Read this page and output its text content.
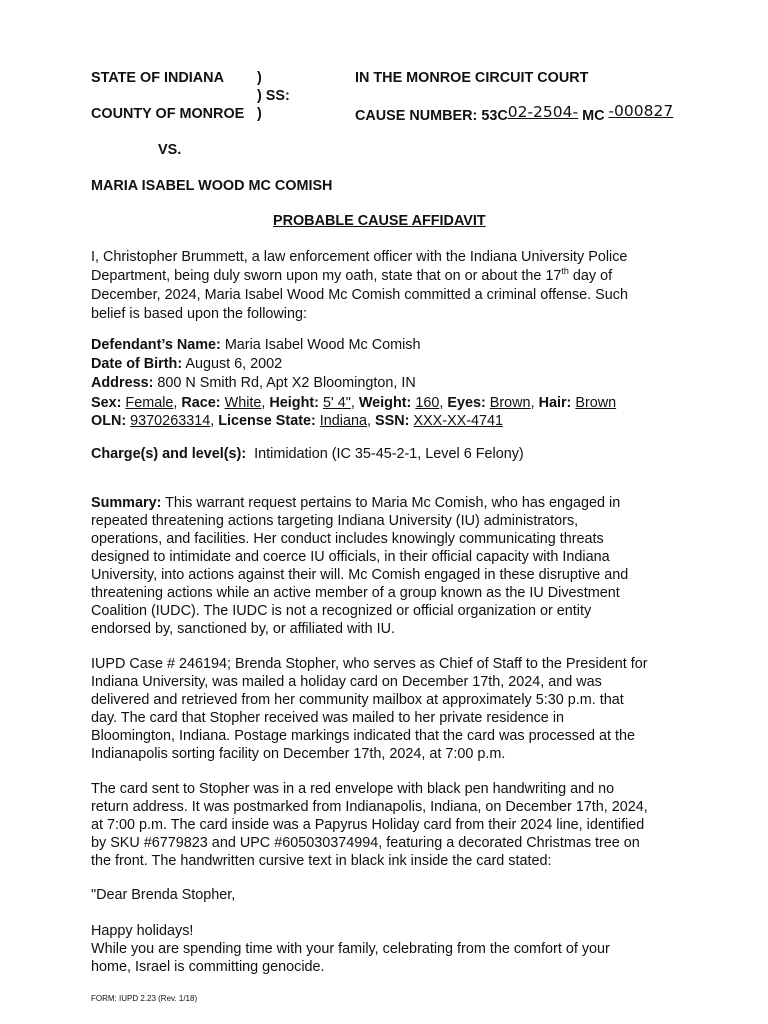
STATE OF INDIANA )
) SS:
COUNTY OF MONROE )
IN THE MONROE CIRCUIT COURT
CAUSE NUMBER: 53C02-2504- MC -000827
VS.
MARIA ISABEL WOOD MC COMISH
PROBABLE CAUSE AFFIDAVIT
I, Christopher Brummett, a law enforcement officer with the Indiana University Police
Department, being duly sworn upon my oath, state that on or about the 17th day of
December, 2024, Maria Isabel Wood Mc Comish committed a criminal offense. Such
belief is based upon the following:
Defendant’s Name: Maria Isabel Wood Mc Comish
Date of Birth: August 6, 2002
Address: 800 N Smith Rd, Apt X2 Bloomington, IN
Sex: Female, Race: White, Height: 5' 4", Weight: 160, Eyes: Brown, Hair: Brown
OLN: 9370263314, License State: Indiana, SSN: XXX-XX-4741
Charge(s) and level(s): Intimidation (IC 35-45-2-1, Level 6 Felony)
Summary: This warrant request pertains to Maria Mc Comish, who has engaged in
repeated threatening actions targeting Indiana University (IU) administrators,
operations, and facilities. Her conduct includes knowingly communicating threats
designed to intimidate and coerce IU officials, in their official capacity with Indiana
University, into actions against their will. Mc Comish engaged in these disruptive and
threatening actions while an active member of a group known as the IU Divestment
Coalition (IUDC). The IUDC is not a recognized or official organization or entity
endorsed by, sanctioned by, or affiliated with IU.
IUPD Case # 246194; Brenda Stopher, who serves as Chief of Staff to the President for
Indiana University, was mailed a holiday card on December 17th, 2024, and was
delivered and retrieved from her community mailbox at approximately 5:30 p.m. that
day. The card that Stopher received was mailed to her private residence in
Bloomington, Indiana. Postage markings indicated that the card was processed at the
Indianapolis sorting facility on December 17th, 2024, at 7:00 p.m.
The card sent to Stopher was in a red envelope with black pen handwriting and no
return address. It was postmarked from Indianapolis, Indiana, on December 17th, 2024,
at 7:00 p.m. The card inside was a Papyrus Holiday card from their 2024 line, identified
by SKU #6779823 and UPC #605030374994, featuring a decorated Christmas tree on
the front. The handwritten cursive text in black ink inside the card stated:
"Dear Brenda Stopher,
Happy holidays!
While you are spending time with your family, celebrating from the comfort of your
home, Israel is committing genocide.
FORM: IUPD 2.23 (Rev. 1/18)
